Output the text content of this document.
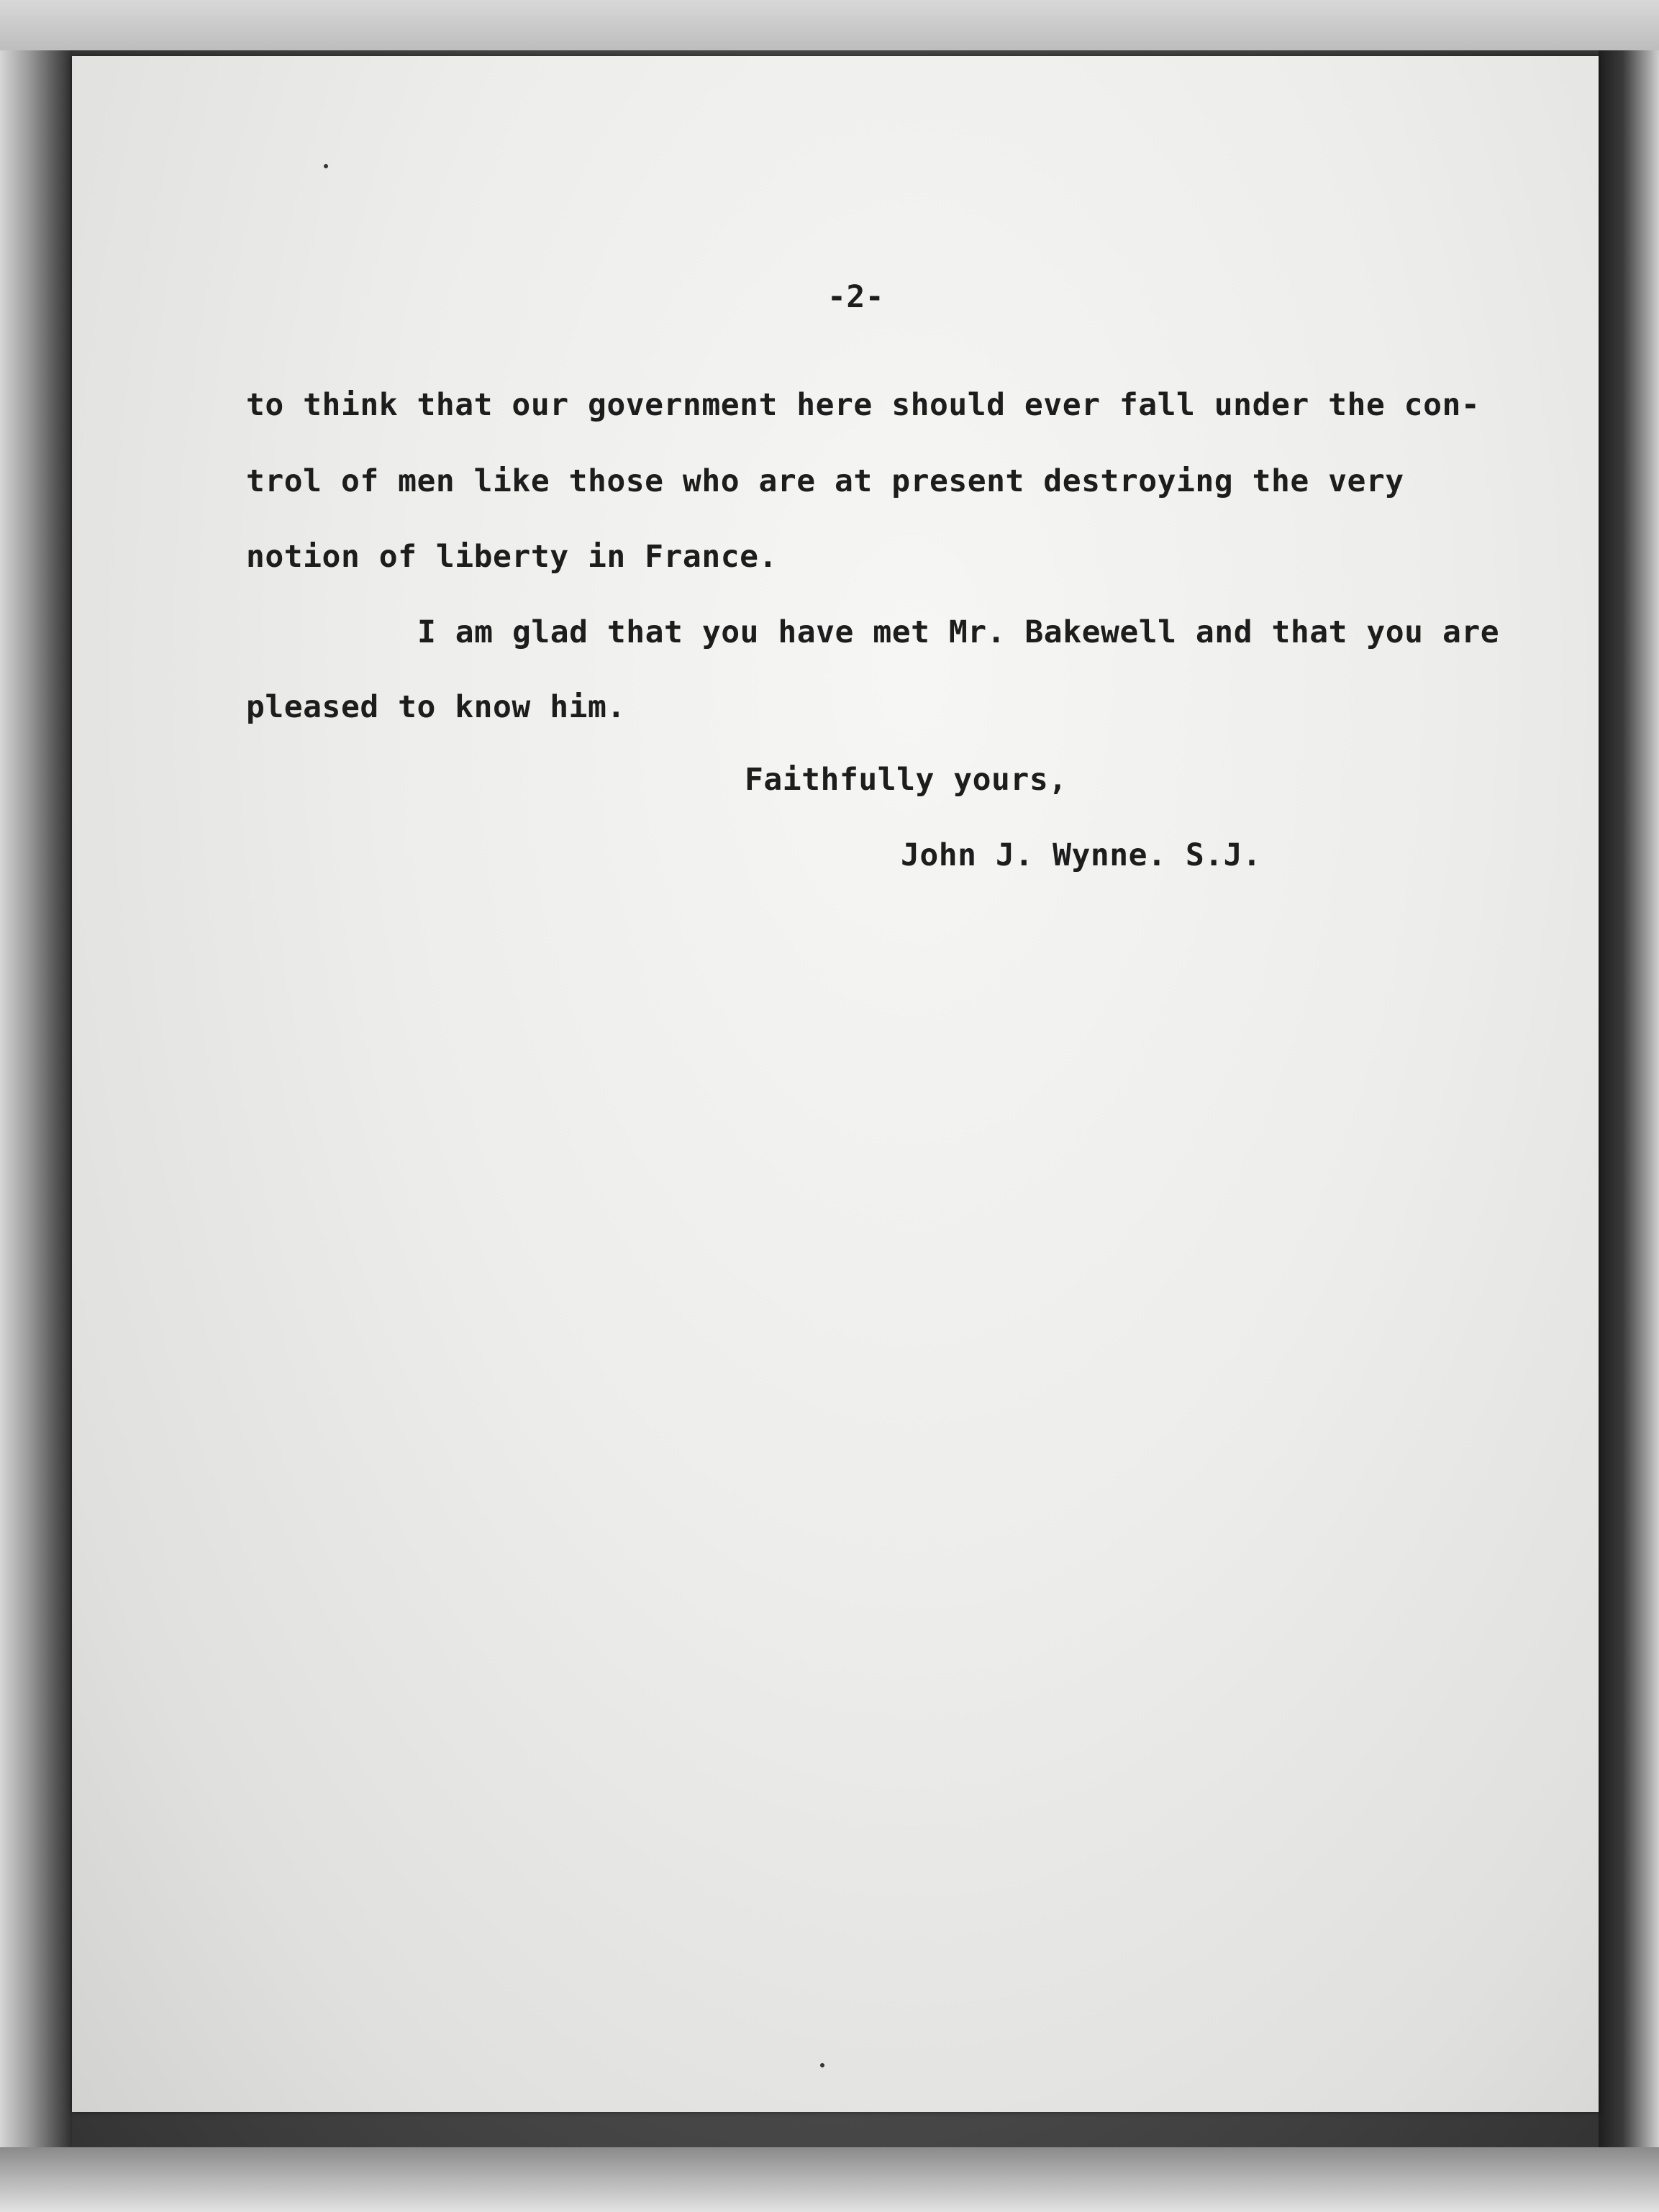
-2-

to think that our government here should ever fall under the con-

trol of men like those who are at present destroying the very

notion of liberty in France.

I am glad that you have met Mr. Bakewell and that you are

pleased to know him.

Faithfully yours,

John J. Wynne. S.J.
